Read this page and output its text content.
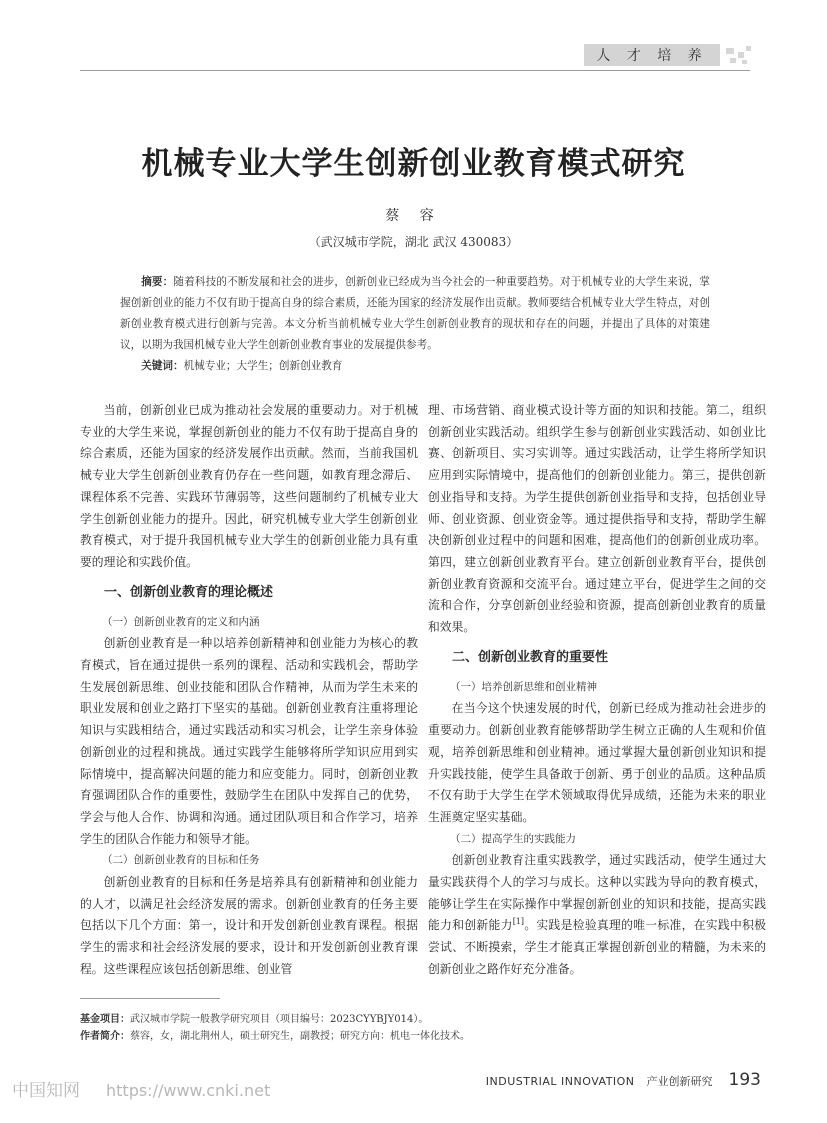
人 才 培 养
机械专业大学生创新创业教育模式研究
蔡 容
（武汉城市学院，湖北 武汉 430083）
摘要：随着科技的不断发展和社会的进步，创新创业已经成为当今社会的一种重要趋势。对于机械专业的大学生来说，掌握创新创业的能力不仅有助于提高自身的综合素质，还能为国家的经济发展作出贡献。教师要结合机械专业大学生特点，对创新创业教育模式进行创新与完善。本文分析当前机械专业大学生创新创业教育的现状和存在的问题，并提出了具体的对策建议，以期为我国机械专业大学生创新创业教育事业的发展提供参考。
关键词：机械专业；大学生；创新创业教育

当前，创新创业已成为推动社会发展的重要动力。对于机械专业的大学生来说，掌握创新创业的能力不仅有助于提高自身的综合素质，还能为国家的经济发展作出贡献。然而，当前我国机械专业大学生创新创业教育仍存在一些问题，如教育理念滞后、课程体系不完善、实践环节薄弱等，这些问题制约了机械专业大学生创新创业能力的提升。因此，研究机械专业大学生创新创业教育模式，对于提升我国机械专业大学生的创新创业能力具有重要的理论和实践价值。

一、创新创业教育的理论概述
（一）创新创业教育的定义和内涵

创新创业教育是一种以培养创新精神和创业能力为核心的教育模式，旨在通过提供一系列的课程、活动和实践机会，帮助学生发展创新思维、创业技能和团队合作精神，从而为学生未来的职业发展和创业之路打下坚实的基础。创新创业教育注重将理论知识与实践相结合，通过实践活动和实习机会，让学生亲身体验创新创业的过程和挑战。通过实践学生能够将所学知识应用到实际情境中，提高解决问题的能力和应变能力。同时，创新创业教育强调团队合作的重要性，鼓励学生在团队中发挥自己的优势，学会与他人合作、协调和沟通。通过团队项目和合作学习，培养学生的团队合作能力和领导才能。

（二）创新创业教育的目标和任务

创新创业教育的目标和任务是培养具有创新精神和创业能力的人才，以满足社会经济发展的需求。创新创业教育的任务主要包括以下几个方面：第一，设计和开发创新创业教育课程。根据学生的需求和社会经济发展的要求，设计和开发创新创业教育课程。这些课程应该包括创新思维、创业管

理、市场营销、商业模式设计等方面的知识和技能。第二，组织创新创业实践活动。组织学生参与创新创业实践活动、如创业比赛、创新项目、实习实训等。通过实践活动，让学生将所学知识应用到实际情境中，提高他们的创新创业能力。第三，提供创新创业指导和支持。为学生提供创新创业指导和支持，包括创业导师、创业资源、创业资金等。通过提供指导和支持，帮助学生解决创新创业过程中的问题和困难，提高他们的创新创业成功率。第四，建立创新创业教育平台。建立创新创业教育平台，提供创新创业教育资源和交流平台。通过建立平台，促进学生之间的交流和合作，分享创新创业经验和资源，提高创新创业教育的质量和效果。

二、创新创业教育的重要性
（一）培养创新思维和创业精神

在当今这个快速发展的时代，创新已经成为推动社会进步的重要动力。创新创业教育能够帮助学生树立正确的人生观和价值观，培养创新思维和创业精神。通过掌握大量创新创业知识和提升实践技能，使学生具备敢于创新、勇于创业的品质。这种品质不仅有助于大学生在学术领域取得优异成绩，还能为未来的职业生涯奠定坚实基础。

（二）提高学生的实践能力

创新创业教育注重实践教学，通过实践活动，使学生通过大量实践获得个人的学习与成长。这种以实践为导向的教育模式，能够让学生在实际操作中掌握创新创业的知识和技能，提高实践能力和创新能力[1]。实践是检验真理的唯一标准，在实践中积极尝试、不断摸索，学生才能真正掌握创新创业的精髓，为未来的创新创业之路作好充分准备。

基金项目：武汉城市学院一般教学研究项目（项目编号：2023CYYBJY014）。
作者简介：蔡容，女，湖北荆州人，硕士研究生，副教授；研究方向：机电一体化技术。
中国知网 https://www.cnki.net	INDUSTRIAL INNOVATION 产业创新研究 193
